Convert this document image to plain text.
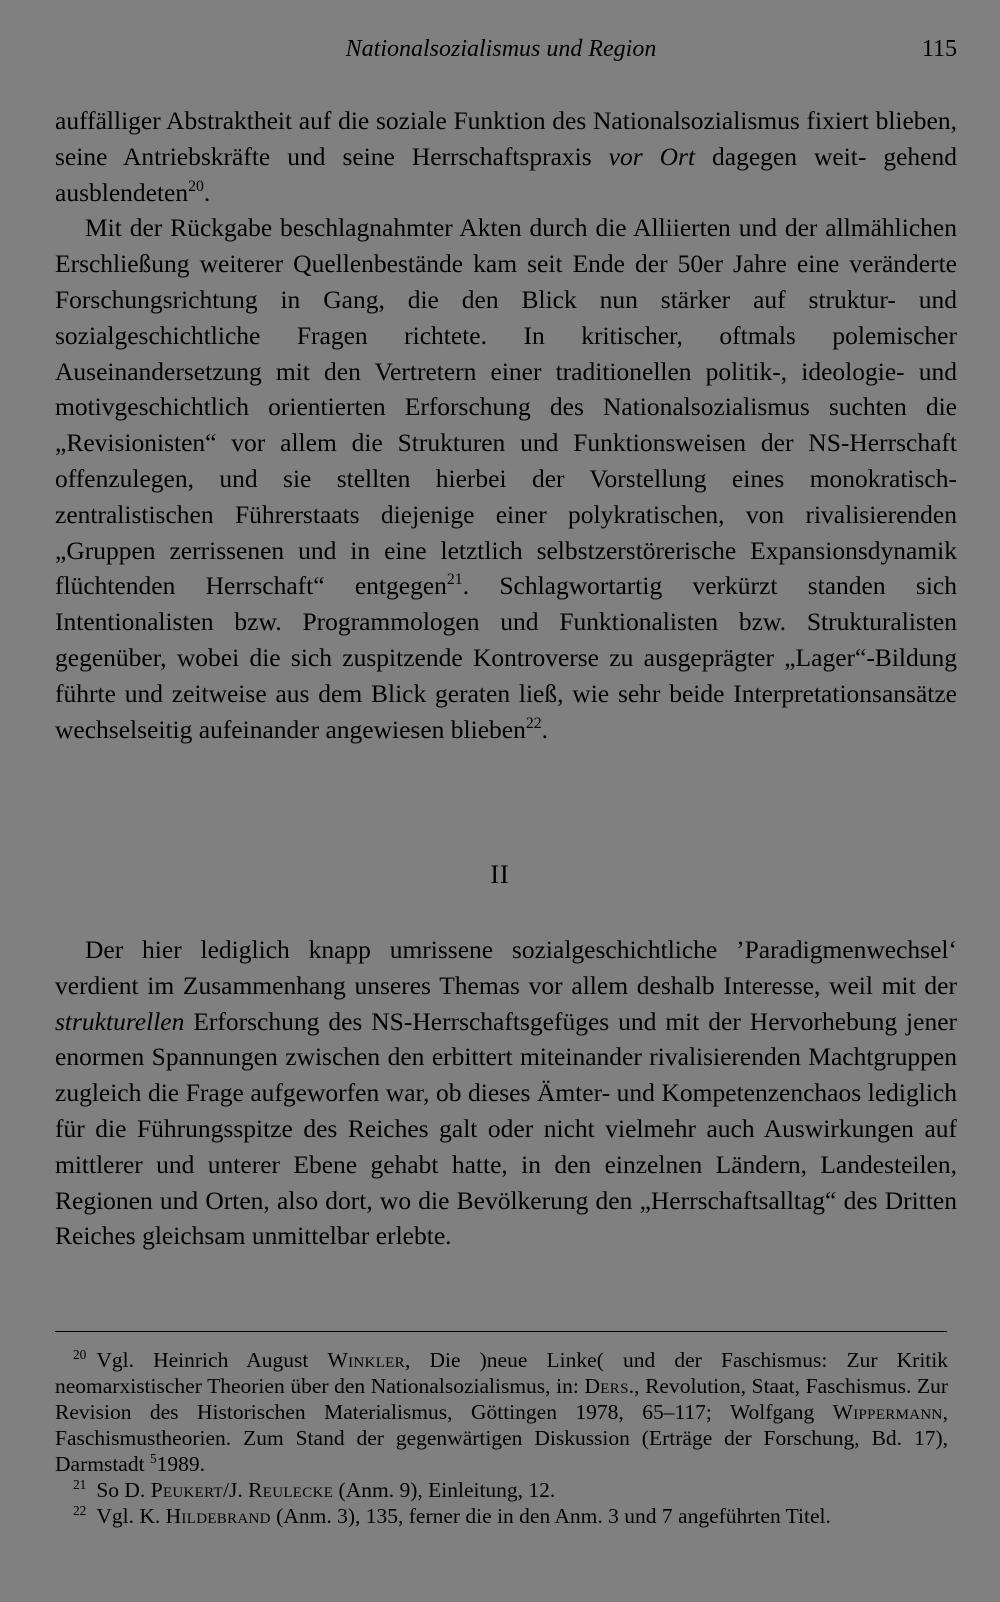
Nationalsozialismus und Region	115

auffälliger Abstraktheit auf die soziale Funktion des Nationalsozialismus fixiert blieben, seine Antriebskräfte und seine Herrschaftspraxis vor Ort dagegen weit- gehend ausblendeten$^{20}$.

Mit der Rückgabe beschlagnahmter Akten durch die Alliierten und der allmählichen Erschließung weiterer Quellenbestände kam seit Ende der 50er Jahre eine veränderte Forschungsrichtung in Gang, die den Blick nun stärker auf struktur- und sozialgeschichtliche Fragen richtete. In kritischer, oftmals polemischer Auseinandersetzung mit den Vertretern einer traditionellen politik-, ideologie- und motivgeschichtlich orientierten Erforschung des Nationalsozialismus suchten die „Revisionisten“ vor allem die Strukturen und Funktionsweisen der NS-Herrschaft offenzulegen, und sie stellten hierbei der Vorstellung eines monokratisch- zentralistischen Führerstaats diejenige einer polykratischen, von rivalisierenden „Gruppen zerrissenen und in eine letztlich selbstzerstörerische Expansionsdynamik flüchtenden Herrschaft“ entgegen$^{21}$. Schlagwortartig verkürzt standen sich Intentionalisten bzw. Programmologen und Funktionalisten bzw. Strukturalisten gegenüber, wobei die sich zuspitzende Kontroverse zu ausgeprägter „Lager“-Bildung führte und zeitweise aus dem Blick geraten ließ, wie sehr beide Interpretationsansätze wechselseitig aufeinander angewiesen blieben$^{22}$.

II

Der hier lediglich knapp umrissene sozialgeschichtliche ’Paradigmenwechsel‘ verdient im Zusammenhang unseres Themas vor allem deshalb Interesse, weil mit der strukturellen Erforschung des NS-Herrschaftsgefüges und mit der Hervorhebung jener enormen Spannungen zwischen den erbittert miteinander rivalisierenden Machtgruppen zugleich die Frage aufgeworfen war, ob dieses Ämter- und Kompetenzenchaos lediglich für die Führungsspitze des Reiches galt oder nicht vielmehr auch Auswirkungen auf mittlerer und unterer Ebene gehabt hatte, in den einzelnen Ländern, Landesteilen, Regionen und Orten, also dort, wo die Bevölkerung den „Herrschaftsalltag“ des Dritten Reiches gleichsam unmittelbar erlebte.

$^{20}$ Vgl. Heinrich August Winkler, Die )neue Linke( und der Faschismus: Zur Kritik neomarxistischer Theorien über den Nationalsozialismus, in: Ders., Revolution, Staat, Faschismus. Zur Revision des Historischen Materialismus, Göttingen 1978, 65–117; Wolfgang Wippermann, Faschismustheorien. Zum Stand der gegenwärtigen Diskussion (Erträge der Forschung, Bd. 17), Darmstadt $^5$1989.

$^{21}$ So D. Peukert/J. Reulecke (Anm. 9), Einleitung, 12.

$^{22}$ Vgl. K. Hildebrand (Anm. 3), 135, ferner die in den Anm. 3 und 7 angeführten Titel.
